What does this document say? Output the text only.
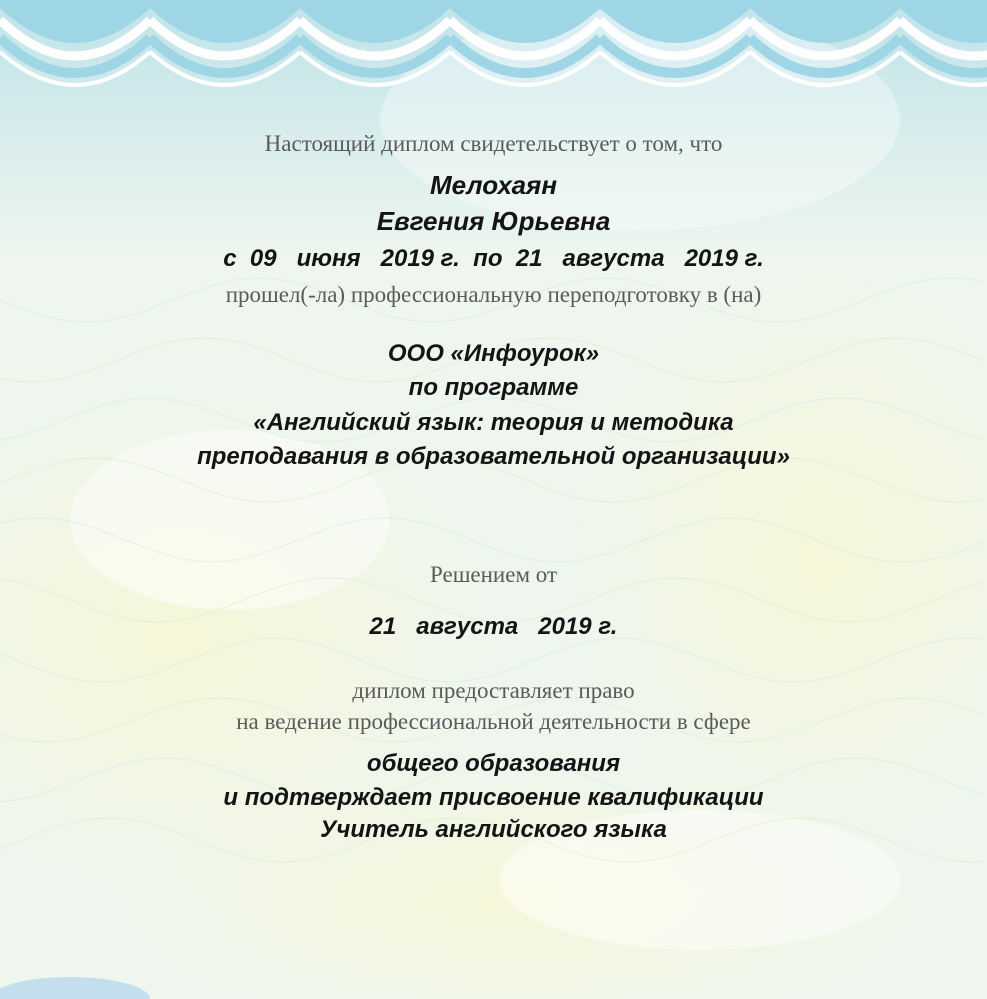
Настоящий диплом свидетельствует о том, что
Мелохаян
Евгения Юрьевна
с  09   июня   2019 г.  по  21   августа   2019 г.
прошел(-ла) профессиональную переподготовку в (на)
ООО «Инфоурок»
по программе
«Английский язык: теория и методика
преподавания в образовательной организации»
Решением от
21   августа   2019 г.
диплом предоставляет право
на ведение профессиональной деятельности в сфере
общего образования
и подтверждает присвоение квалификации
Учитель английского языка
